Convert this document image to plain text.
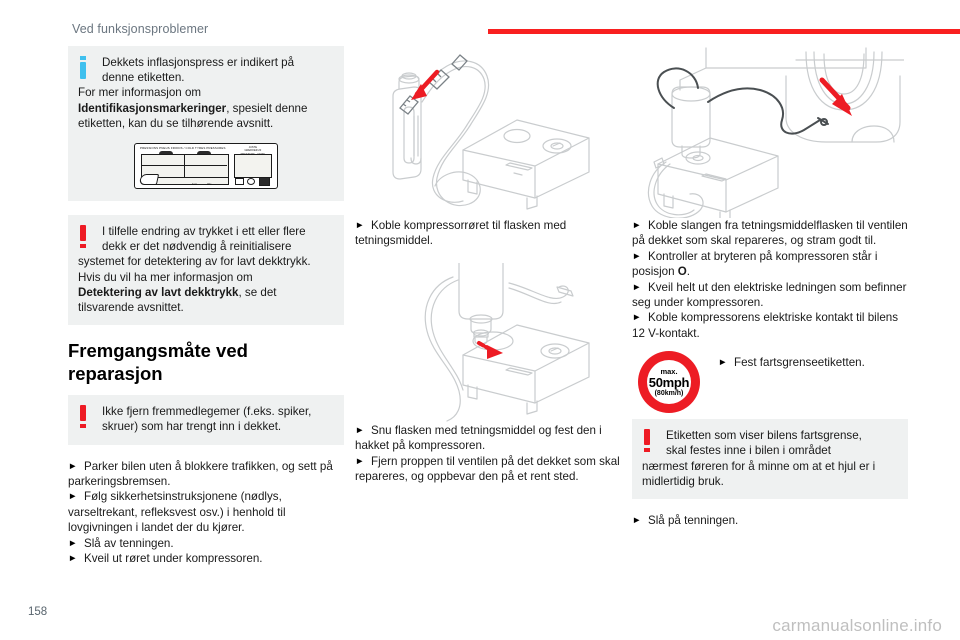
Ved funksjonsproblemer

Dekkets inflasjonspress er indikert på

denne etiketten.

For mer informasjon om

Identifikasjonsmarkeringer, spesielt denne etiketten, kan du se tilhørende avsnitt.

PRESSIONS PNEUS FROIDS / COLD TYRES PRESSURES	JUSTE
GREFFIER 20
bars	kPa

I tilfelle endring av trykket i ett eller flere

dekk er det nødvendig å reinitialisere

systemet for detektering av for lavt dekktrykk.

Hvis du vil ha mer informasjon om

Detektering av lavt dekktrykk, se det tilsvarende avsnittet.

Fremgangsmåte ved reparasjon

Ikke fjern fremmedlegemer (f.eks. spiker,

skruer) som har trengt inn i dekket.

► Parker bilen uten å blokkere trafikken, og sett på parkeringsbremsen.

► Følg sikkerhetsinstruksjonene (nødlys, varseltrekant, refleksvest osv.) i henhold til lovgivningen i landet der du kjører.

► Slå av tenningen.

► Kveil ut røret under kompressoren.

► Koble kompressorrøret til flasken med tetningsmiddel.

► Snu flasken med tetningsmiddel og fest den i hakket på kompressoren.

► Fjern proppen til ventilen på det dekket som skal repareres, og oppbevar den på et rent sted.

► Koble slangen fra tetningsmiddelflasken til ventilen på dekket som skal repareres, og stram godt til.

► Kontroller at bryteren på kompressoren står i posisjon O.

► Kveil helt ut den elektriske ledningen som befinner seg under kompressoren.

► Koble kompressorens elektriske kontakt til bilens 12 V-kontakt.

max.
50mph
(80km/h)

► Fest fartsgrenseetiketten.

Etiketten som viser bilens fartsgrense,

skal festes inne i bilen i området

nærmest føreren for å minne om at et hjul er i midlertidig bruk.

► Slå på tenningen.

158
carmanualsonline.info
